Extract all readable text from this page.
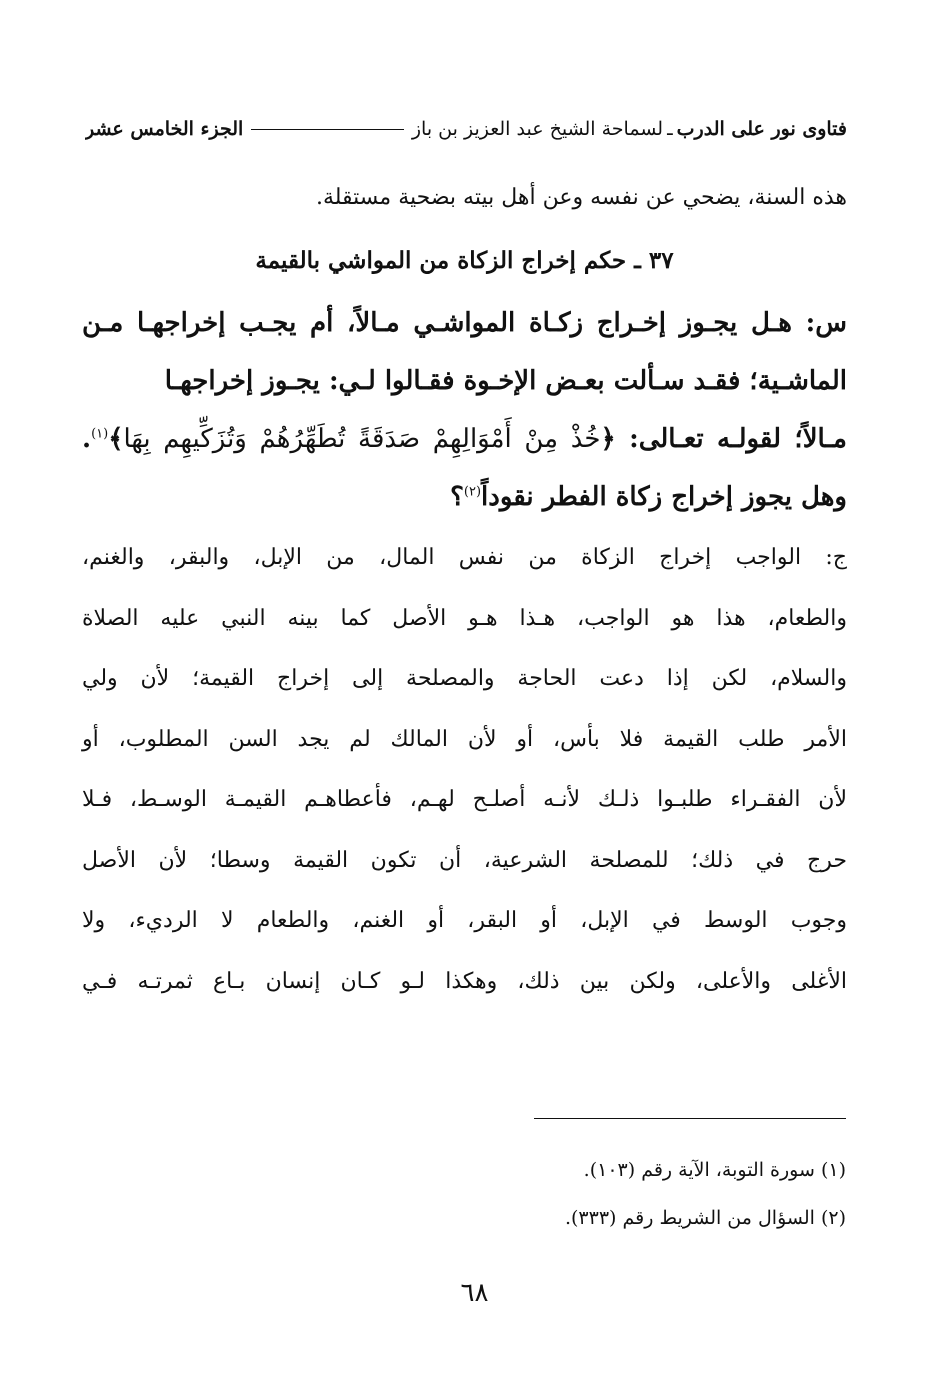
فتاوى نور على الدرب
ـ
لسماحة الشيخ عبد العزيز بن باز
الجزء الخامس عشر
هذه السنة، يضحي عن نفسه وعن أهل بيته بضحية مستقلة.
٣٧ ـ حكم إخراج الزكاة من المواشي بالقيمة
س: هـل يجـوز إخـراج زكـاة المواشـي مـالاً، أم يجـب إخراجهـا مـن
الماشـية؛ فقـد سـألت بعـض الإخـوة فقـالوا لـي: يجـوز إخراجهـا
مـالاً؛ لقولـه تعـالى: ﴿خُذْ مِنْ أَمْوَالِهِمْ صَدَقَةً تُطَهِّرُهُمْ وَتُزَكِّيهِم بِهَا﴾$^{(١)}$.
وهل يجوز إخراج زكاة الفطر نقوداً$^{(٢)}$؟
ج: الواجب إخراج الزكاة من نفس المال، من الإبل، والبقر، والغنم،
والطعام، هذا هو الواجب، هـذا هـو الأصل كما بينه النبي عليه الصلاة
والسلام، لكن إذا دعت الحاجة والمصلحة إلى إخراج القيمة؛ لأن ولي
الأمر طلب القيمة فلا بأس، أو لأن المالك لم يجد السن المطلوب، أو
لأن الفقـراء طلبـوا ذلـك لأنـه أصلـح لهـم، فأعطاهـم القيمـة الوسـط، فـلا
حرج في ذلك؛ للمصلحة الشرعية، أن تكون القيمة وسطا؛ لأن الأصل
وجوب الوسط في الإبل، أو البقر، أو الغنم، والطعام لا الرديء، ولا
الأغلى والأعلى، ولكن بين ذلك، وهكذا لـو كـان إنسان بـاع ثمرتـه فـي
(١) سورة التوبة، الآية رقم (١٠٣).
(٢) السؤال من الشريط رقم (٣٣٣).
٦٨
